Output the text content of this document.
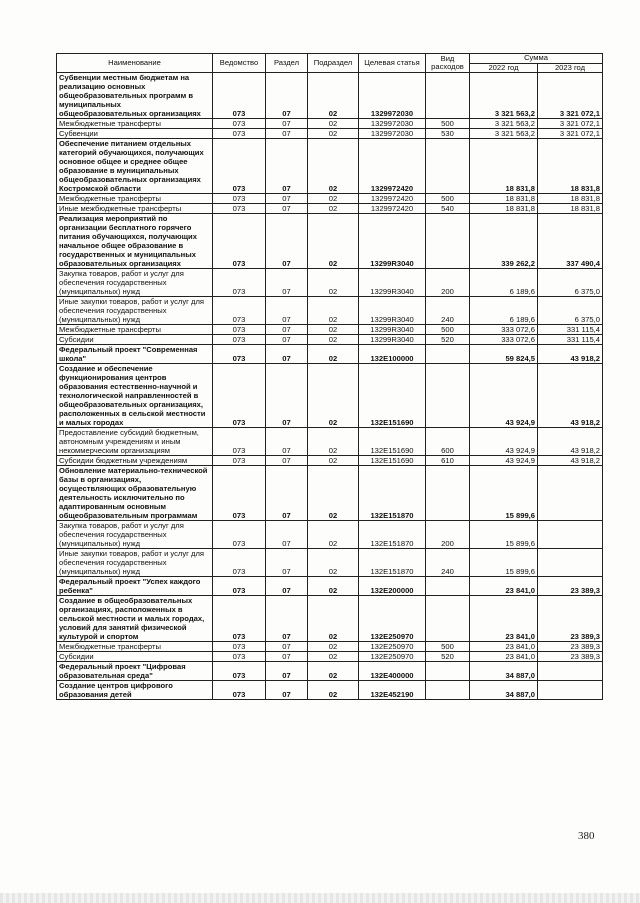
Наименование	Ведомство	Раздел	Подраздел	Целевая статья	Вид расходов	Сумма	
						2022 год	2023 год
Субвенции местным бюджетам на реализацию основных общеобразовательных программ в муниципальных общеобразовательных организациях	073	07	02	1329972030		3 321 563,2	3 321 072,1
Межбюджетные трансферты	073	07	02	1329972030	500	3 321 563,2	3 321 072,1
Субвенции	073	07	02	1329972030	530	3 321 563,2	3 321 072,1
Обеспечение питанием отдельных категорий обучающихся, получающих основное общее и среднее общее образование в муниципальных общеобразовательных организациях Костромской области	073	07	02	1329972420		18 831,8	18 831,8
Межбюджетные трансферты	073	07	02	1329972420	500	18 831,8	18 831,8
Иные межбюджетные трансферты	073	07	02	1329972420	540	18 831,8	18 831,8
Реализация мероприятий по организации бесплатного горячего питания обучающихся, получающих начальное общее образование в государственных и муниципальных образовательных организациях	073	07	02	13299R3040		339 262,2	337 490,4
Закупка товаров, работ и услуг для обеспечения государственных (муниципальных) нужд	073	07	02	13299R3040	200	6 189,6	6 375,0
Иные закупки товаров, работ и услуг для обеспечения государственных (муниципальных) нужд	073	07	02	13299R3040	240	6 189,6	6 375,0
Межбюджетные трансферты	073	07	02	13299R3040	500	333 072,6	331 115,4
Субсидии	073	07	02	13299R3040	520	333 072,6	331 115,4
Федеральный проект "Современная школа"	073	07	02	132E100000		59 824,5	43 918,2
Создание и обеспечение функционирования центров образования естественно-научной и технологической направленностей в общеобразовательных организациях, расположенных в сельской местности и малых городах	073	07	02	132E151690		43 924,9	43 918,2
Предоставление субсидий бюджетным, автономным учреждениям и иным некоммерческим организациям	073	07	02	132E151690	600	43 924,9	43 918,2
Субсидии бюджетным учреждениям	073	07	02	132E151690	610	43 924,9	43 918,2
Обновление материально-технической базы в организациях, осуществляющих образовательную деятельность исключительно по адаптированным основным общеобразовательным программам	073	07	02	132E151870		15 899,6	
Закупка товаров, работ и услуг для обеспечения государственных (муниципальных) нужд	073	07	02	132E151870	200	15 899,6	
Иные закупки товаров, работ и услуг для обеспечения государственных (муниципальных) нужд	073	07	02	132E151870	240	15 899,6	
Федеральный проект "Успех каждого ребенка"	073	07	02	132E200000		23 841,0	23 389,3
Создание в общеобразовательных организациях, расположенных в сельской местности и малых городах, условий для занятий физической культурой и спортом	073	07	02	132E250970		23 841,0	23 389,3
Межбюджетные трансферты	073	07	02	132E250970	500	23 841,0	23 389,3
Субсидии	073	07	02	132E250970	520	23 841,0	23 389,3
Федеральный проект "Цифровая образовательная среда"	073	07	02	132E400000		34 887,0	
Создание центров цифрового образования детей	073	07	02	132E452190		34 887,0	
380
